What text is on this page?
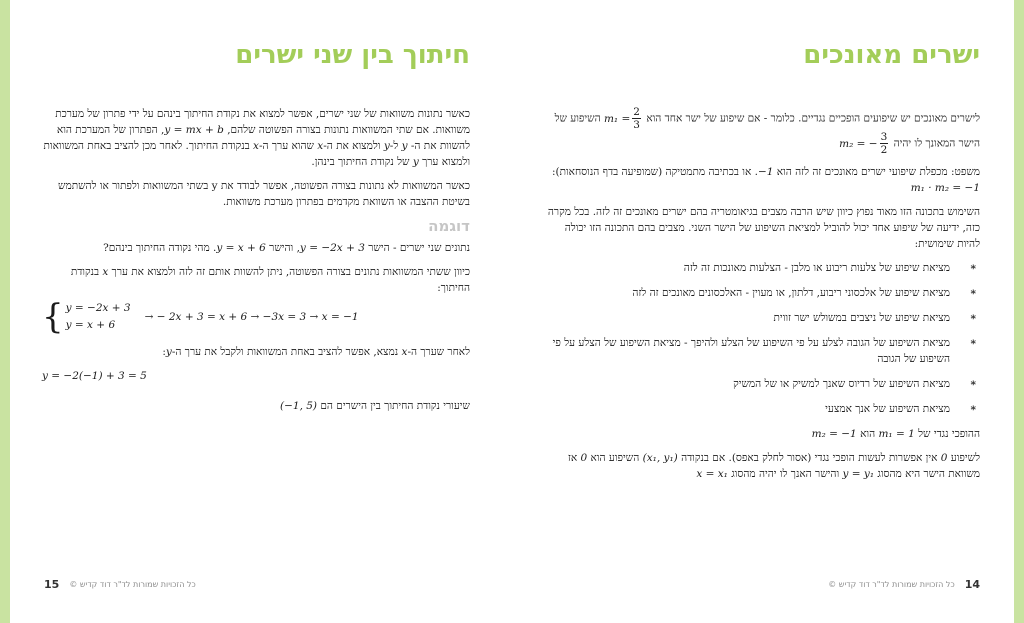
ישרים מאונכים

לישרים מאונכים יש שיפועים הופכיים נגדיים. כלומר - אם שיפוע של ישר אחד הוא $m_1 = \frac{2}{3}$
השיפוע של הישר המאונך לו יהיה m₂ = − $\frac{3}{2}$

משפט: מכפלת שיפועי ישרים מאונכים זה לזה הוא −1. או בכתיבה מתמטיקה (שמופיעה בדף הנוסחאות): m₁ · m₂ = −1

השימוש בתכונה הזו מאוד נפוץ כיוון שיש הרבה מצבים בגיאומטריה בהם ישרים מאונכים זה לזה. בכל מקרה כזה, ידיעה של שיפוע אחד יכול להוביל למציאת השיפוע של הישר השני. מצבים בהם התכונה הזו יכולה להיות שימושית:

* מציאת שיפוע של צלעות ריבוע או מלבן - הצלעות מאונכות זה לזה
* מציאת שיפוע של אלכסוני ריבוע, דלתון, או מעוין - האלכסונים מאונכים זה לזה
* מציאת שיפוע של ניצבים במשולש ישר זווית
* מציאת השיפוע של הגובה לצלע על פי השיפוע של הצלע ולהיפך - מציאת השיפוע של הצלע על פי השיפוע של הגובה
* מציאת השיפוע של רדיוס שאנך למשיק או של המשיק
* מציאת השיפוע של אנך אמצעי

ההופכי נגדי של m₁ = 1 הוא m₂ = −1

לשיפוע 0 אין אפשרות לעשות הופכי נגדי (אסור לחלק באפס). אם בנקודה (x₁, y₁) השיפוע הוא 0 אז משוואת הישר היא מהסוג y = y₁ והישר האנך לו יהיה מהסוג x = x₁

14
כל הזכויות שמורות לד"ר דוד קדיש ©
חיתוך בין שני ישרים

כאשר נתונות משוואות של שני ישרים, אפשר למצוא את נקודת החיתוך בינהם על ידי פתרון של מערכת משוואות. אם שתי המשוואות נתונות בצורה הפשוטה שלהם, y = mx + b, הפתרון של המערכת הוא להשוות את ה- y ל-y ולמצוא את ה-x שהוא ערך ה-x בנקודת החיתוך. לאחר מכן להציב באחת המשוואות ולמצוא ערך y של נקודת החיתוך בינהן.

כאשר המשוואות לא נתונות בצורה הפשוטה, אפשר לבודד את y בשתי המשוואות ולפתור או להשתמש בשיטת ההצבה או השוואת מקדמים בפתרון מערכת משוואות.

דוגמה

נתונים שני ישרים - הישר y = −2x + 3, והישר y = x + 6. מהי נקודה החיתוך בינהם?

כיוון ששתי המשוואות נתונים בצורה הפשוטה, ניתן להשוות אותם זה לזה ולמצוא את ערך x בנקודת החיתוך:

{ y = −2x + 3
y = x + 6
→ − 2x + 3 = x + 6 → −3x = 3 → x = −1

לאחר שערך ה-x נמצא, אפשר להציב באחת המשוואות ולקבל את ערך ה-y:

y = −2(−1) + 3 = 5

שיעורי נקודת החיתוך בין הישרים הם (−1, 5)

15 כל הזכויות שמורות לד"ר דוד קדיש ©
